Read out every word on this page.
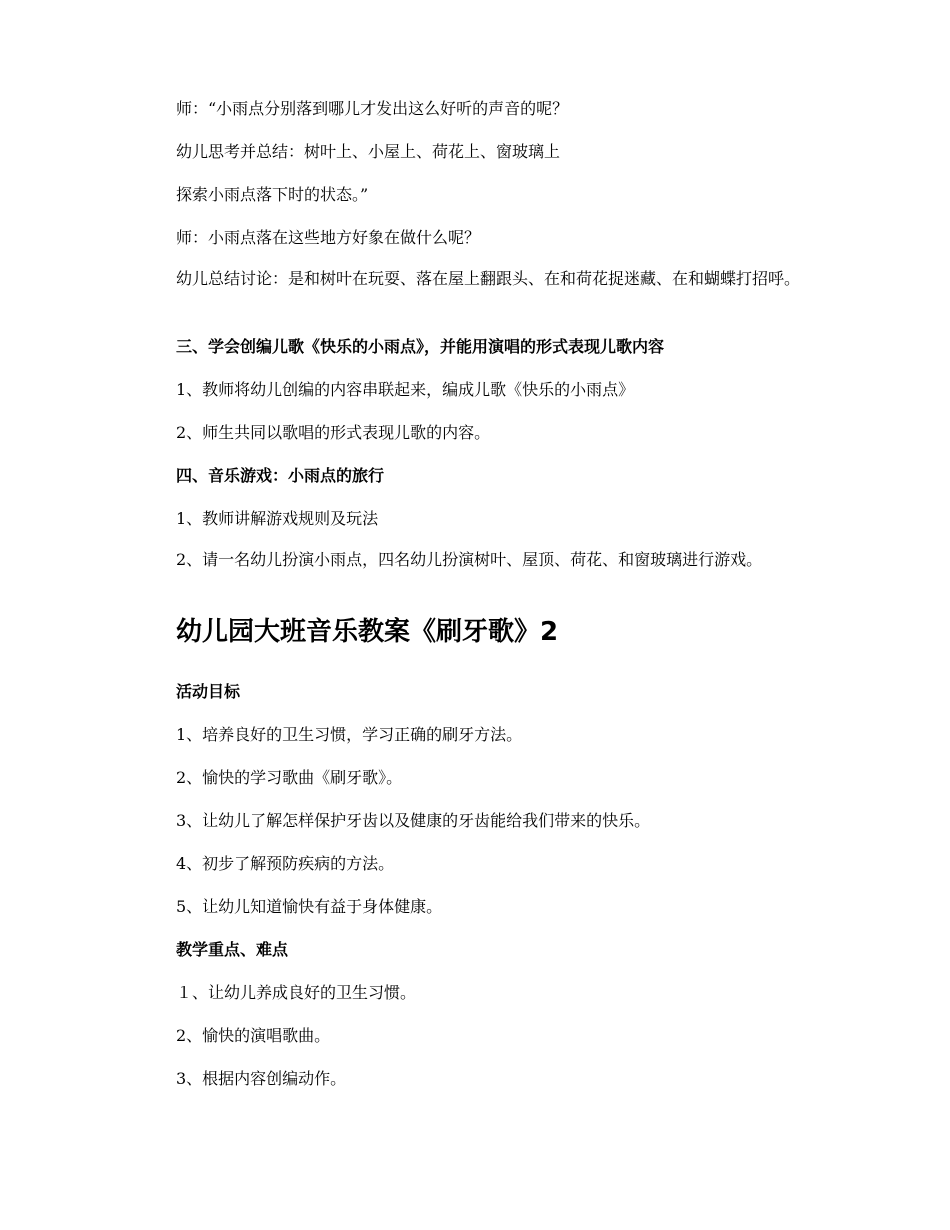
师：“小雨点分别落到哪儿才发出这么好听的声音的呢？
幼儿思考并总结：树叶上、小屋上、荷花上、窗玻璃上
探索小雨点落下时的状态。”
师：小雨点落在这些地方好象在做什么呢？
幼儿总结讨论：是和树叶在玩耍、落在屋上翻跟头、在和荷花捉迷藏、在和蝴蝶打招呼。
三、学会创编儿歌《快乐的小雨点》，并能用演唱的形式表现儿歌内容
1、教师将幼儿创编的内容串联起来，编成儿歌《快乐的小雨点》
2、师生共同以歌唱的形式表现儿歌的内容。
四、音乐游戏：小雨点的旅行
1、教师讲解游戏规则及玩法
2、请一名幼儿扮演小雨点，四名幼儿扮演树叶、屋顶、荷花、和窗玻璃进行游戏。
幼儿园大班音乐教案《刷牙歌》2
活动目标
1、培养良好的卫生习惯，学习正确的刷牙方法。
2、愉快的学习歌曲《刷牙歌》。
3、让幼儿了解怎样保护牙齿以及健康的牙齿能给我们带来的快乐。
4、初步了解预防疾病的方法。
5、让幼儿知道愉快有益于身体健康。
教学重点、难点
１、让幼儿养成良好的卫生习惯。
2、愉快的演唱歌曲。
3、根据内容创编动作。
